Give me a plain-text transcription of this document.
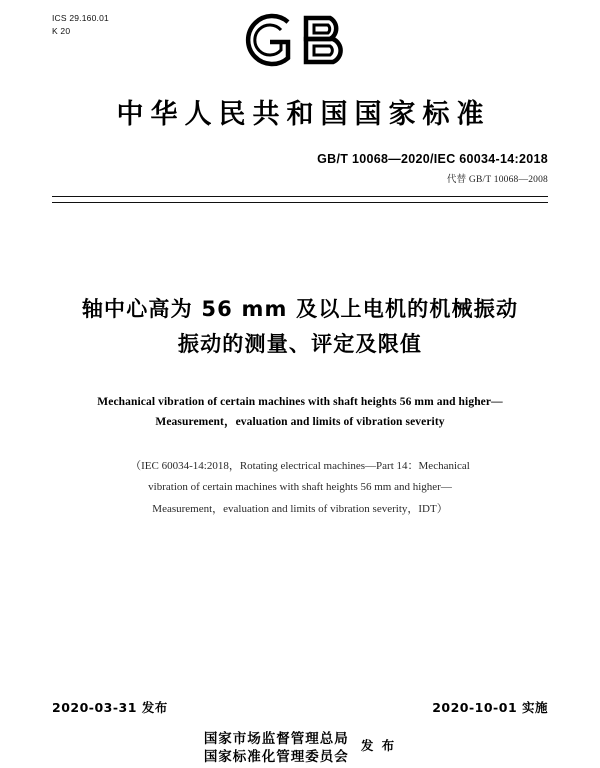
ICS 29.160.01
K 20
中华人民共和国国家标准
GB/T 10068—2020/IEC 60034-14:2018
代替 GB/T 10068—2008
轴中心高为 56 mm 及以上电机的机械振动
振动的测量、评定及限值
Mechanical vibration of certain machines with shaft heights 56 mm and higher—
Measurement，evaluation and limits of vibration severity
（IEC 60034-14:2018，Rotating electrical machines—Part 14：Mechanical
vibration of certain machines with shaft heights 56 mm and higher—
Measurement，evaluation and limits of vibration severity，IDT）
2020-03-31 发布	2020-10-01 实施
国家市场监督管理总局
国家标准化管理委员会
发 布
